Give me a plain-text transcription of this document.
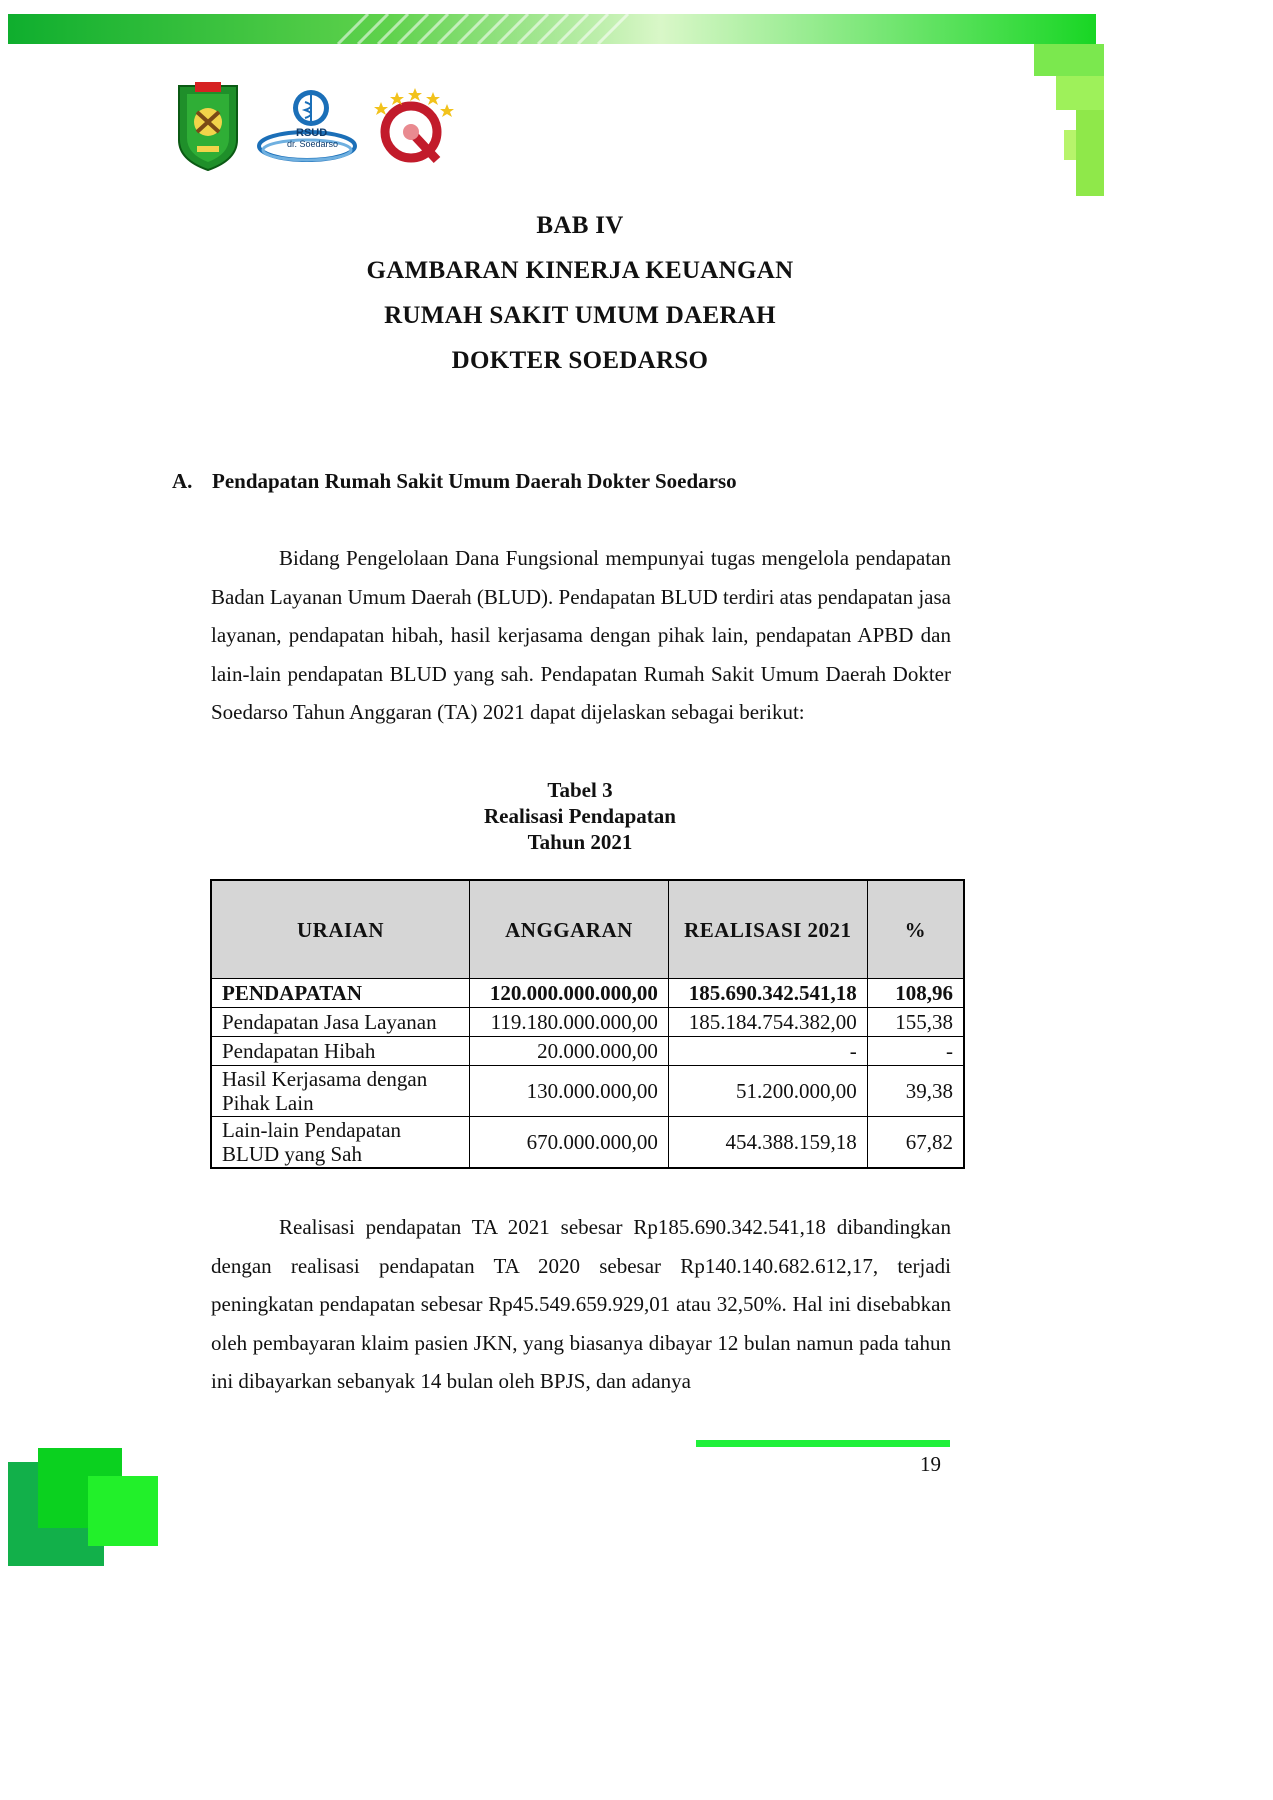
RSUD
dr. Soedarso
BAB IV
GAMBARAN KINERJA KEUANGAN
RUMAH SAKIT UMUM DAERAH
DOKTER SOEDARSO
A. Pendapatan Rumah Sakit Umum Daerah Dokter Soedarso
Bidang Pengelolaan Dana Fungsional mempunyai tugas mengelola pendapatan Badan Layanan Umum Daerah (BLUD). Pendapatan BLUD terdiri atas pendapatan jasa layanan, pendapatan hibah, hasil kerjasama dengan pihak lain, pendapatan APBD dan lain-lain pendapatan BLUD yang sah. Pendapatan Rumah Sakit Umum Daerah Dokter Soedarso Tahun Anggaran (TA) 2021 dapat dijelaskan sebagai berikut:
Tabel 3
Realisasi Pendapatan
Tahun 2021
URAIAN	ANGGARAN	REALISASI 2021	%
PENDAPATAN	120.000.000.000,00	185.690.342.541,18	108,96
Pendapatan Jasa Layanan	119.180.000.000,00	185.184.754.382,00	155,38
Pendapatan Hibah	20.000.000,00	-	-
Hasil Kerjasama dengan Pihak Lain	130.000.000,00	51.200.000,00	39,38
Lain-lain Pendapatan BLUD yang Sah	670.000.000,00	454.388.159,18	67,82
Realisasi pendapatan TA 2021 sebesar Rp185.690.342.541,18 dibandingkan dengan realisasi pendapatan TA 2020 sebesar Rp140.140.682.612,17, terjadi peningkatan pendapatan sebesar Rp45.549.659.929,01 atau 32,50%. Hal ini disebabkan oleh pembayaran klaim pasien JKN, yang biasanya dibayar 12 bulan namun pada tahun ini dibayarkan sebanyak 14 bulan oleh BPJS, dan adanya
19
